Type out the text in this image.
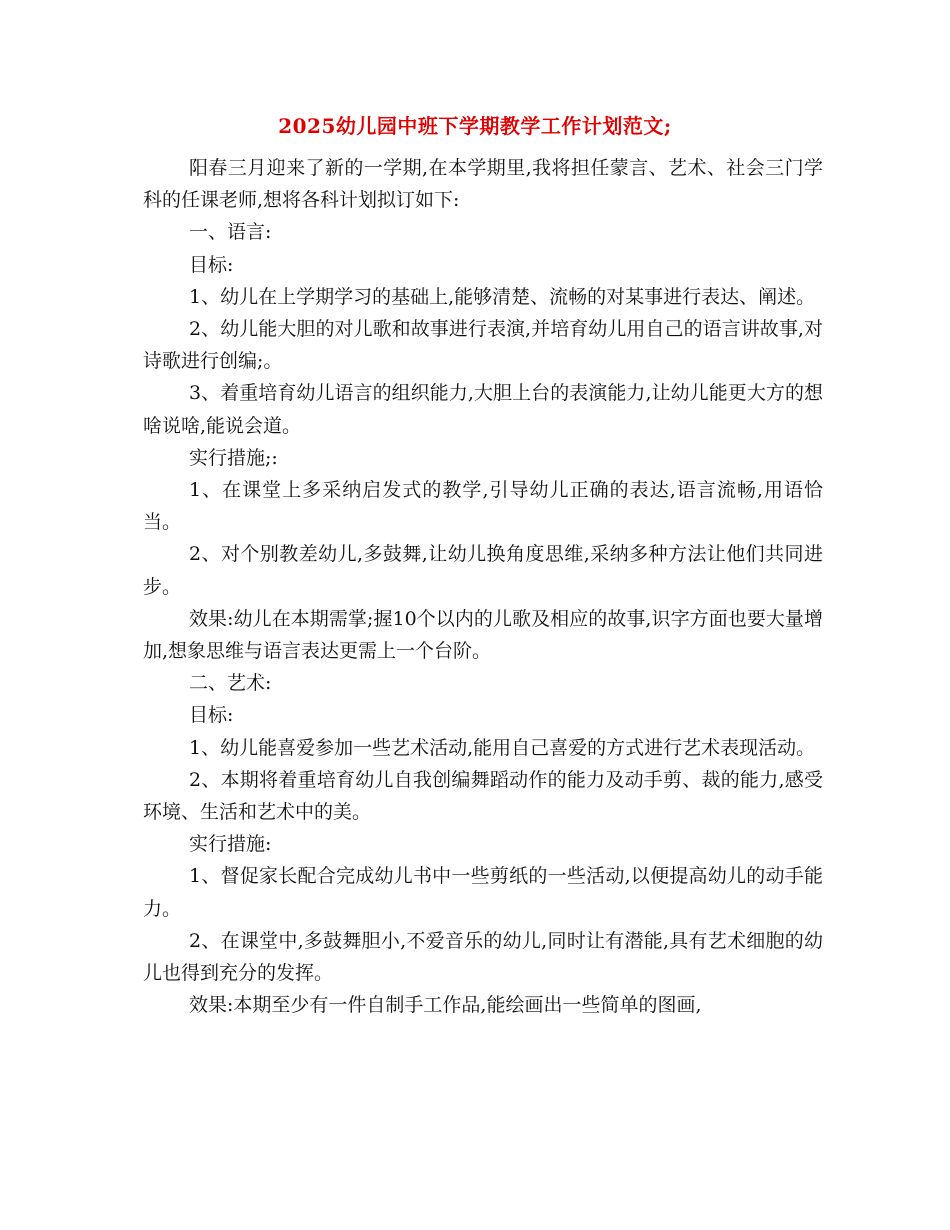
2025幼儿园中班下学期教学工作计划范文;

阳春三月迎来了新的一学期,在本学期里,我将担任蒙言、艺术、社会三门学科的任课老师,想将各科计划拟订如下:

一、语言:

目标:

1、幼儿在上学期学习的基础上,能够清楚、流畅的对某事进行表达、阐述。

2、幼儿能大胆的对儿歌和故事进行表演,并培育幼儿用自己的语言讲故事,对诗歌进行创编;。

3、着重培育幼儿语言的组织能力,大胆上台的表演能力,让幼儿能更大方的想啥说啥,能说会道。

实行措施;:

1、在课堂上多采纳启发式的教学,引导幼儿正确的表达,语言流畅,用语恰当。

2、对个别教差幼儿,多鼓舞,让幼儿换角度思维,采纳多种方法让他们共同进步。

效果:幼儿在本期需掌;握10个以内的儿歌及相应的故事,识字方面也要大量增加,想象思维与语言表达更需上一个台阶。

二、艺术:

目标:

1、幼儿能喜爱参加一些艺术活动,能用自己喜爱的方式进行艺术表现活动。

2、本期将着重培育幼儿自我创编舞蹈动作的能力及动手剪、裁的能力,感受环境、生活和艺术中的美。

实行措施:

1、督促家长配合完成幼儿书中一些剪纸的一些活动,以便提高幼儿的动手能力。

2、在课堂中,多鼓舞胆小,不爱音乐的幼儿,同时让有潜能,具有艺术细胞的幼儿也得到充分的发挥。

效果:本期至少有一件自制手工作品,能绘画出一些简单的图画,
